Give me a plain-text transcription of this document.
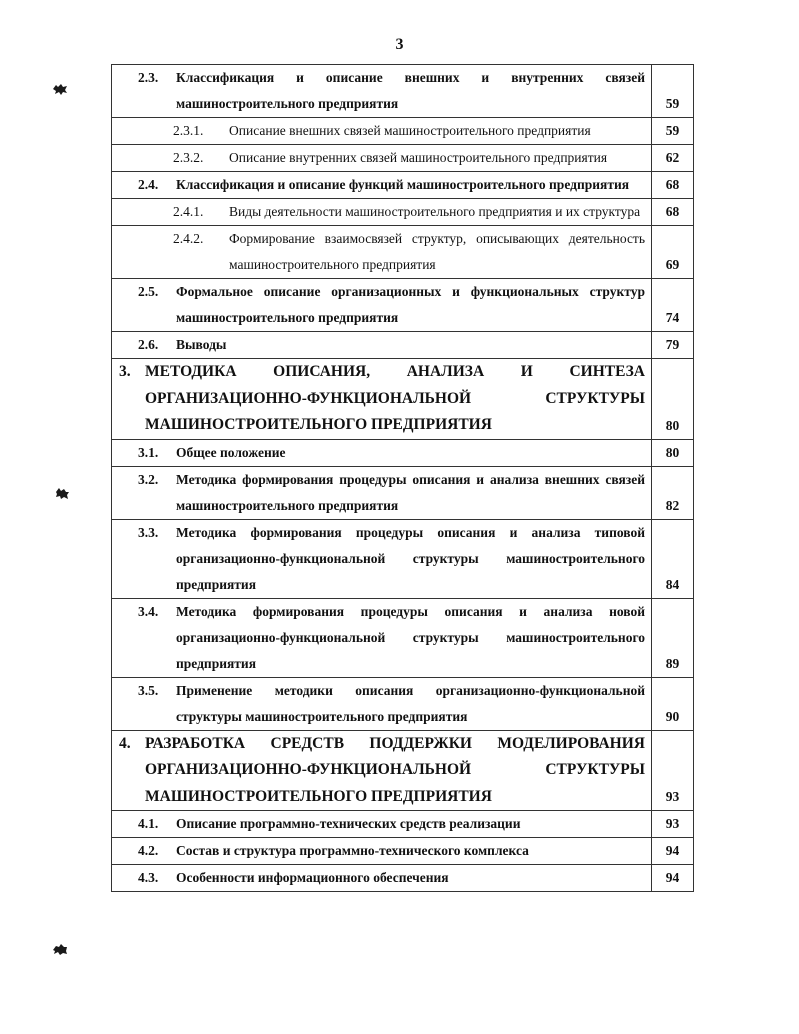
3
2.3. Классификация и описание внешних и внутренних связей машиностроительного предприятия	59

2.3.1. Описание внешних связей машиностроительного предприятия	59

2.3.2. Описание внутренних связей машиностроительного предприятия	62

2.4. Классификация и описание функций машиностроительного предприятия	68

2.4.1. Виды деятельности машиностроительного предприятия и их структура	68

2.4.2. Формирование взаимосвязей структур, описывающих деятельность машиностроительного предприятия	69

2.5. Формальное описание организационных и функциональных структур машиностроительного предприятия	74

2.6. Выводы	79

3. МЕТОДИКА ОПИСАНИЯ, АНАЛИЗА И СИНТЕЗА ОРГАНИЗАЦИОННО-ФУНКЦИОНАЛЬНОЙ СТРУКТУРЫ МАШИНОСТРОИТЕЛЬНОГО ПРЕДПРИЯТИЯ	80

3.1. Общее положение	80

3.2. Методика формирования процедуры описания и анализа внешних связей машиностроительного предприятия	82

3.3. Методика формирования процедуры описания и анализа типовой организационно-функциональной структуры машиностроительного предприятия	84

3.4. Методика формирования процедуры описания и анализа новой организационно-функциональной структуры машиностроительного предприятия	89

3.5. Применение методики описания организационно-функциональной структуры машиностроительного предприятия	90

4. РАЗРАБОТКА СРЕДСТВ ПОДДЕРЖКИ МОДЕЛИРОВАНИЯ ОРГАНИЗАЦИОННО-ФУНКЦИОНАЛЬНОЙ СТРУКТУРЫ МАШИНОСТРОИТЕЛЬНОГО ПРЕДПРИЯТИЯ	93

4.1. Описание программно-технических средств реализации	93

4.2. Состав и структура программно-технического комплекса	94

4.3. Особенности информационного обеспечения	94
